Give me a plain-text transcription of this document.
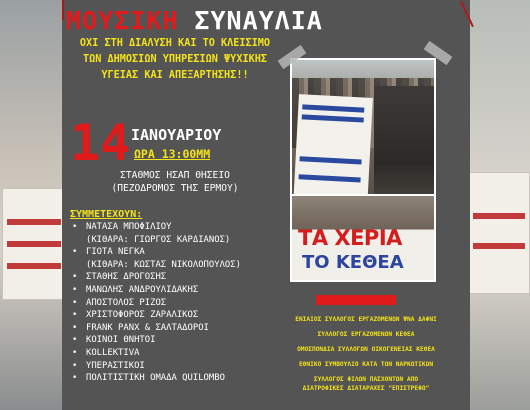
ΜΟΥΣΙΚΗ ΣΥΝΑΥΛΙΑ
ΟΧΙ ΣΤΗ ΔΙΑΛΥΣΗ ΚΑΙ ΤΟ ΚΛΕΙΣΙΜΟ ΤΩΝ ΔΗΜΟΣΙΩΝ ΥΠΗΡΕΣΙΩΝ ΨΥΧΙΚΗΣ ΥΓΕΙΑΣ ΚΑΙ ΑΠΕΞΑΡΤΗΣΗΣ!!
ΤΑ ΧΕΡΙΑ
ΤΟ ΚΕΘΕΑ
14 ΙΑΝΟΥΑΡΙΟΥ
ΩΡΑ 13:00ΜΜ
ΣΤΑΘΜΟΣ ΗΣΑΠ ΘΗΣΕΙΟ
(ΠΕΖΟΔΡΟΜΟΣ ΤΗΣ ΕΡΜΟΥ)
ΣΥΜΜΕΤΕΧΟΥΝ:
• ΝΑΤΑΣΑ ΜΠΟΦΙΛΙΟΥ
(ΚΙΘΑΡΑ: ΓΙΩΡΓΟΣ ΚΑΡΔΙΑΝΟΣ)
• ΓΙΟΤΑ ΝΕΓΚΑ
(ΚΙΘΑΡΑ: ΚΩΣΤΑΣ ΝΙΚΟΛΟΠΟΥΛΟΣ)
• ΣΤΑΘΗΣ ΔΡΟΓΟΣΗΣ
• ΜΑΝΩΛΗΣ ΑΝΔΡΟΥΛΙΔΑΚΗΣ
• ΑΠΟΣΤΟΛΟΣ ΡΙΖΟΣ
• ΧΡΙΣΤΟΦΟΡΟΣ ΖΑΡΑΛΙΚΟΣ
• FRANK PANX & ΣΑΛΤΑΔΟΡΟΙ
• ΚΟΙΝΟΙ ΘΝΗΤΟΙ
• KOLLEKTIVA
• ΥΠΕΡΑΣΤΙΚΟΙ
• ΠΟΛΙΤΙΣΤΙΚΗ ΟΜΑΔΑ QUILOMBO
ΣΥΝΔΙΟΡΓΑΝΩΣΗ:
ΕΝΙΑΙΟΣ ΣΥΛΛΟΓΟΣ ΕΡΓΑΖΟΜΕΝΩΝ ΨΝΑ ΔΑΦΝΙ
ΣΥΛΛΟΓΟΣ ΕΡΓΑΖΟΜΕΝΩΝ ΚΕΘΕΑ
ΟΜΟΣΠΟΝΔΙΑ ΣΥΛΛΟΓΩΝ ΟΙΚΟΓΕΝΕΙΑΣ ΚΕΘΕΑ
ΕΘΝΙΚΟ ΣΥΜΒΟΥΛΙΟ ΚΑΤΑ ΤΩΝ ΝΑΡΚΩΤΙΚΩΝ
ΣΥΛΛΟΓΟΣ ΦΙΛΩΝ ΠΑΣΧΟΝΤΩΝ ΑΠΟ ΔΙΑΤΡΟΦΙΚΕΣ ΔΙΑΤΑΡΑΧΕΣ "ΕΠΙΣΤΡΕΦΩ"
